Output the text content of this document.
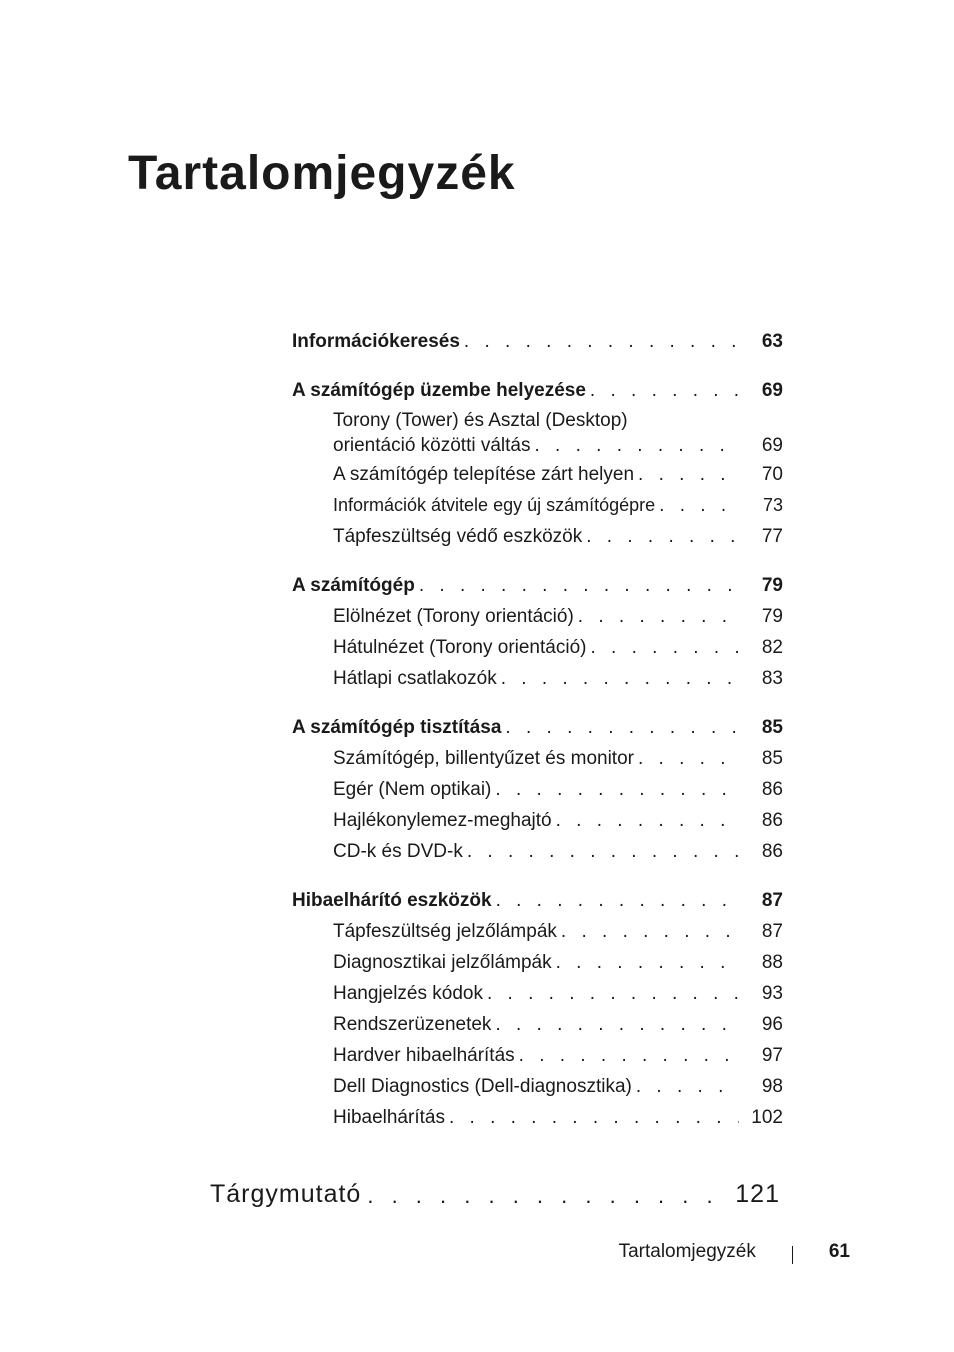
Tartalomjegyzék
Információkeresés . . .	63
A számítógép üzembe helyezése . . .	69
Torony (Tower) és Asztal (Desktop)
orientáció közötti váltás . . .	69
A számítógép telepítése zárt helyen . . .	70
Információk átvitele egy új számítógépre . . .	73
Tápfeszültség védő eszközök . . .	77
A számítógép . . .	79
Elölnézet (Torony orientáció) . . .	79
Hátulnézet (Torony orientáció) . . .	82
Hátlapi csatlakozók . . .	83
A számítógép tisztítása . . .	85
Számítógép, billentyűzet és monitor . . .	85
Egér (Nem optikai) . . .	86
Hajlékonylemez-meghajtó . . .	86
CD-k és DVD-k . . .	86
Hibaelhárító eszközök . . .	87
Tápfeszültség jelzőlámpák . . .	87
Diagnosztikai jelzőlámpák . . .	88
Hangjelzés kódok . . .	93
Rendszerüzenetek . . .	96
Hardver hibaelhárítás . . .	97
Dell Diagnostics (Dell-diagnosztika) . . .	98
Hibaelhárítás . . .	102
Tárgymutató . . .	121
Tartalomjegyzék	61
